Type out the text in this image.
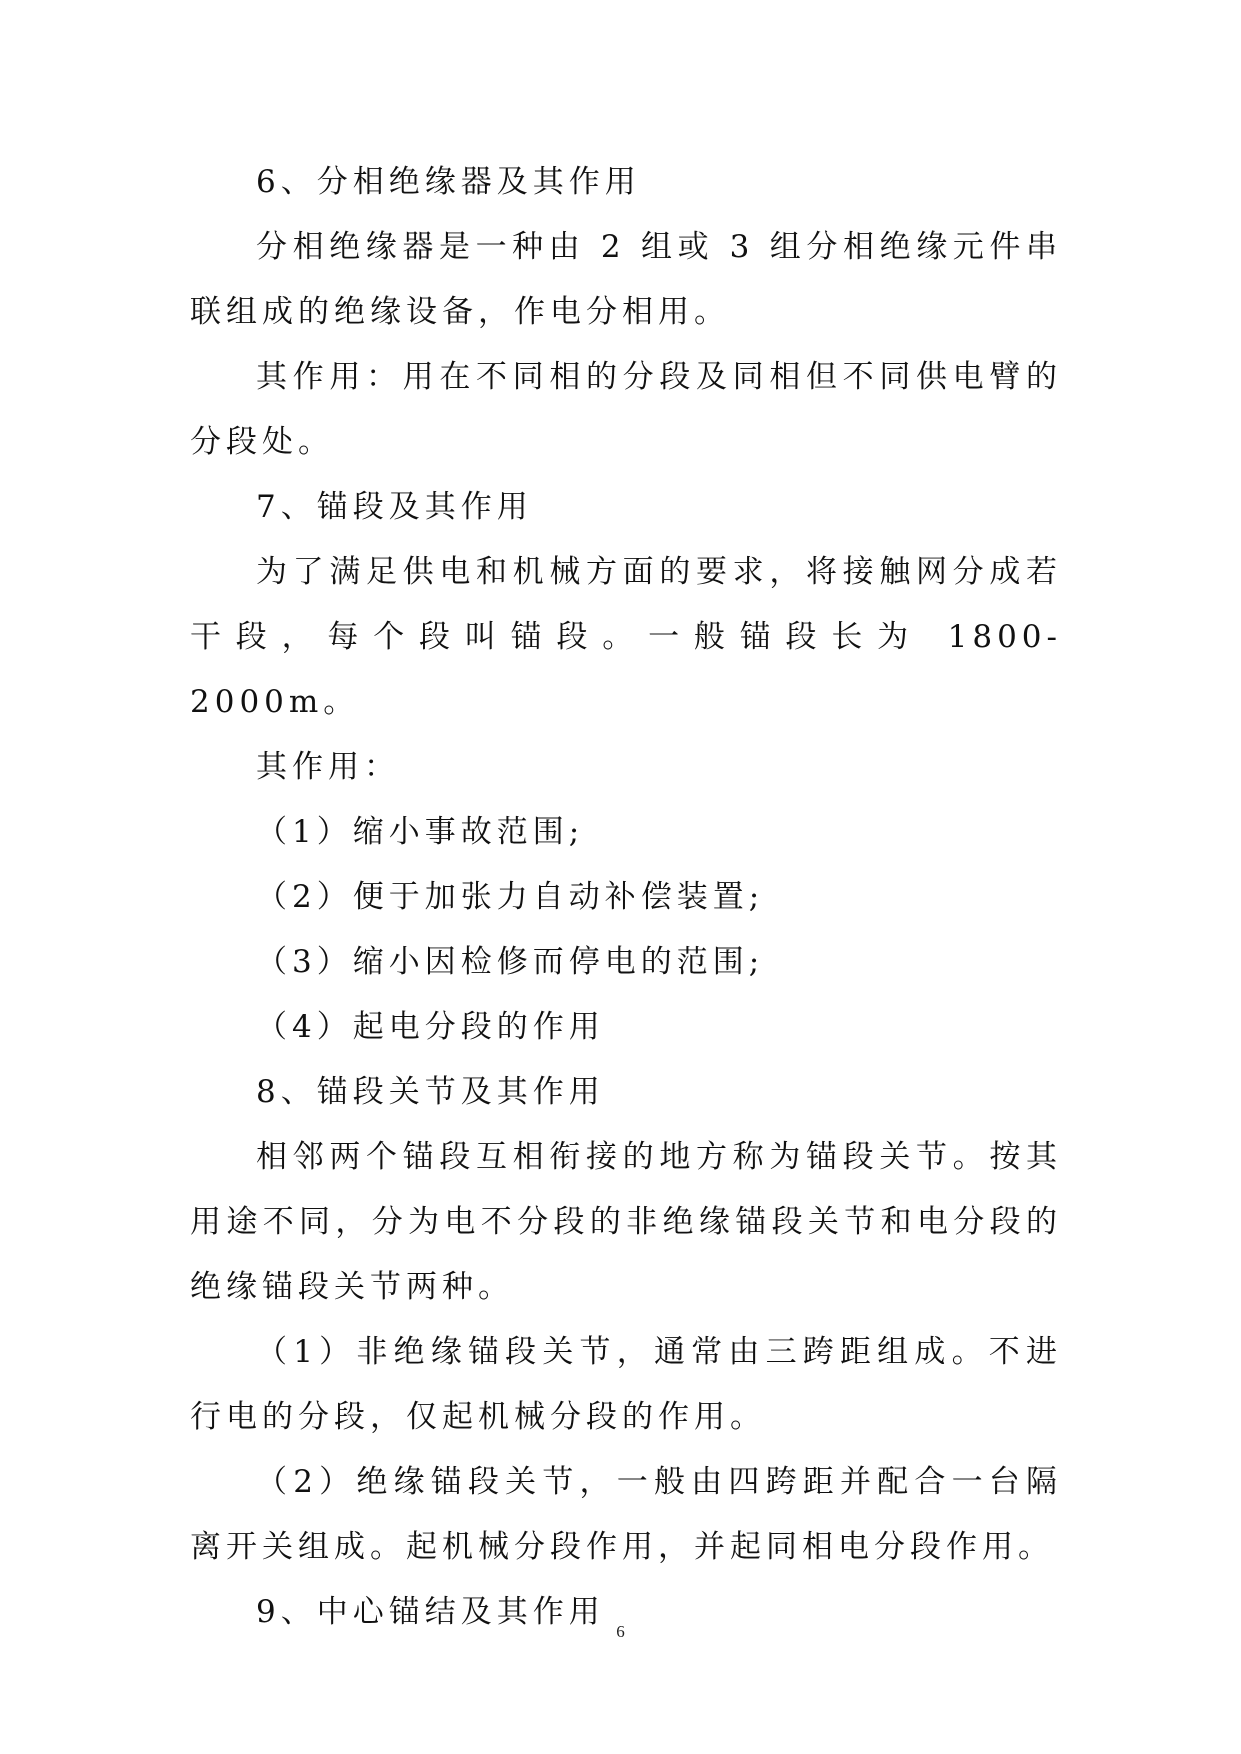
6、分相绝缘器及其作用

分相绝缘器是一种由 2 组或 3 组分相绝缘元件串联组成的绝缘设备，作电分相用。

其作用：用在不同相的分段及同相但不同供电臂的分段处。

7、锚段及其作用

为了满足供电和机械方面的要求，将接触网分成若干段，每个段叫锚段。一般锚段长为 1800-2000m。

其作用：

（1）缩小事故范围;

（2）便于加张力自动补偿装置;

（3）缩小因检修而停电的范围;

（4）起电分段的作用

8、锚段关节及其作用

相邻两个锚段互相衔接的地方称为锚段关节。按其用途不同，分为电不分段的非绝缘锚段关节和电分段的绝缘锚段关节两种。

（1）非绝缘锚段关节，通常由三跨距组成。不进行电的分段，仅起机械分段的作用。

（2）绝缘锚段关节，一般由四跨距并配合一台隔离开关组成。起机械分段作用，并起同相电分段作用。

9、中心锚结及其作用

6
